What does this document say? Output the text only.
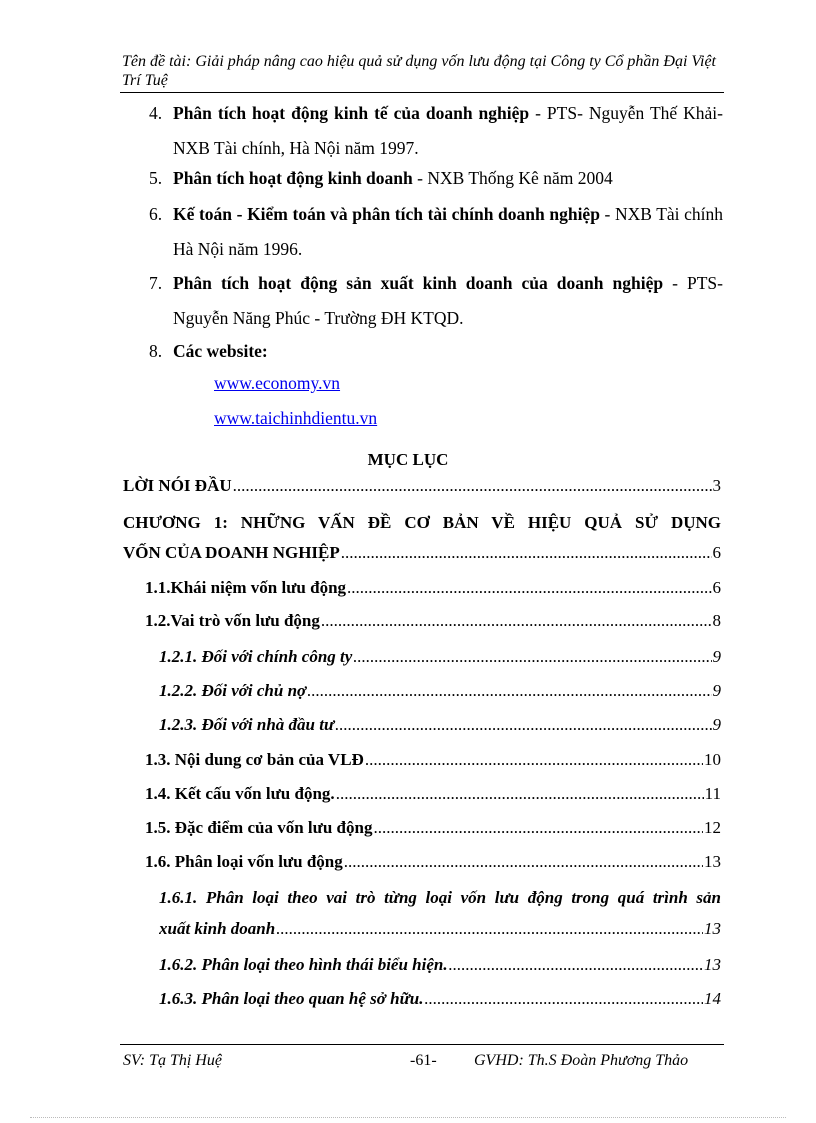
Tên đề tài: Giải pháp nâng cao hiệu quả sử dụng vốn lưu động tại Công ty Cổ phần Đại Việt Trí Tuệ
4. Phân tích hoạt động kinh tế của doanh nghiệp - PTS- Nguyễn Thế Khải- NXB Tài chính, Hà Nội năm 1997.
5. Phân tích hoạt động kinh doanh - NXB Thống Kê năm 2004
6. Kế toán - Kiểm toán và phân tích tài chính doanh nghiệp - NXB Tài chính Hà Nội năm 1996.
7. Phân tích hoạt động sản xuất kinh doanh của doanh nghiệp - PTS- Nguyễn Năng Phúc - Trường ĐH KTQD.
8. Các website:
www.economy.vn
www.taichinhdientu.vn
MỤC LỤC
LỜI NÓI ĐẦU .....	3
CHƯƠNG 1: NHỮNG VẤN ĐỀ CƠ BẢN VỀ HIỆU QUẢ SỬ DỤNG
VỐN CỦA DOANH NGHIỆP .....	6
1.1.Khái niệm vốn lưu động .....	6
1.2.Vai trò vốn lưu động .....	8
1.2.1. Đối với chính công ty .....	9
1.2.2. Đối với chủ nợ .....	9
1.2.3. Đối với nhà đầu tư .....	9
1.3. Nội dung cơ bản của VLĐ .....	10
1.4. Kết cấu vốn lưu động. .....	11
1.5. Đặc điểm của vốn lưu động .....	12
1.6. Phân loại vốn lưu động .....	13
1.6.1. Phân loại theo vai trò từng loại vốn lưu động trong quá trình sản
xuất kinh doanh .....	13
1.6.2. Phân loại theo hình thái biểu hiện. .....	13
1.6.3. Phân loại theo quan hệ sở hữu. .....	14
SV: Tạ Thị Huệ	-61- GVHD: Th.S Đoàn Phương Thảo
